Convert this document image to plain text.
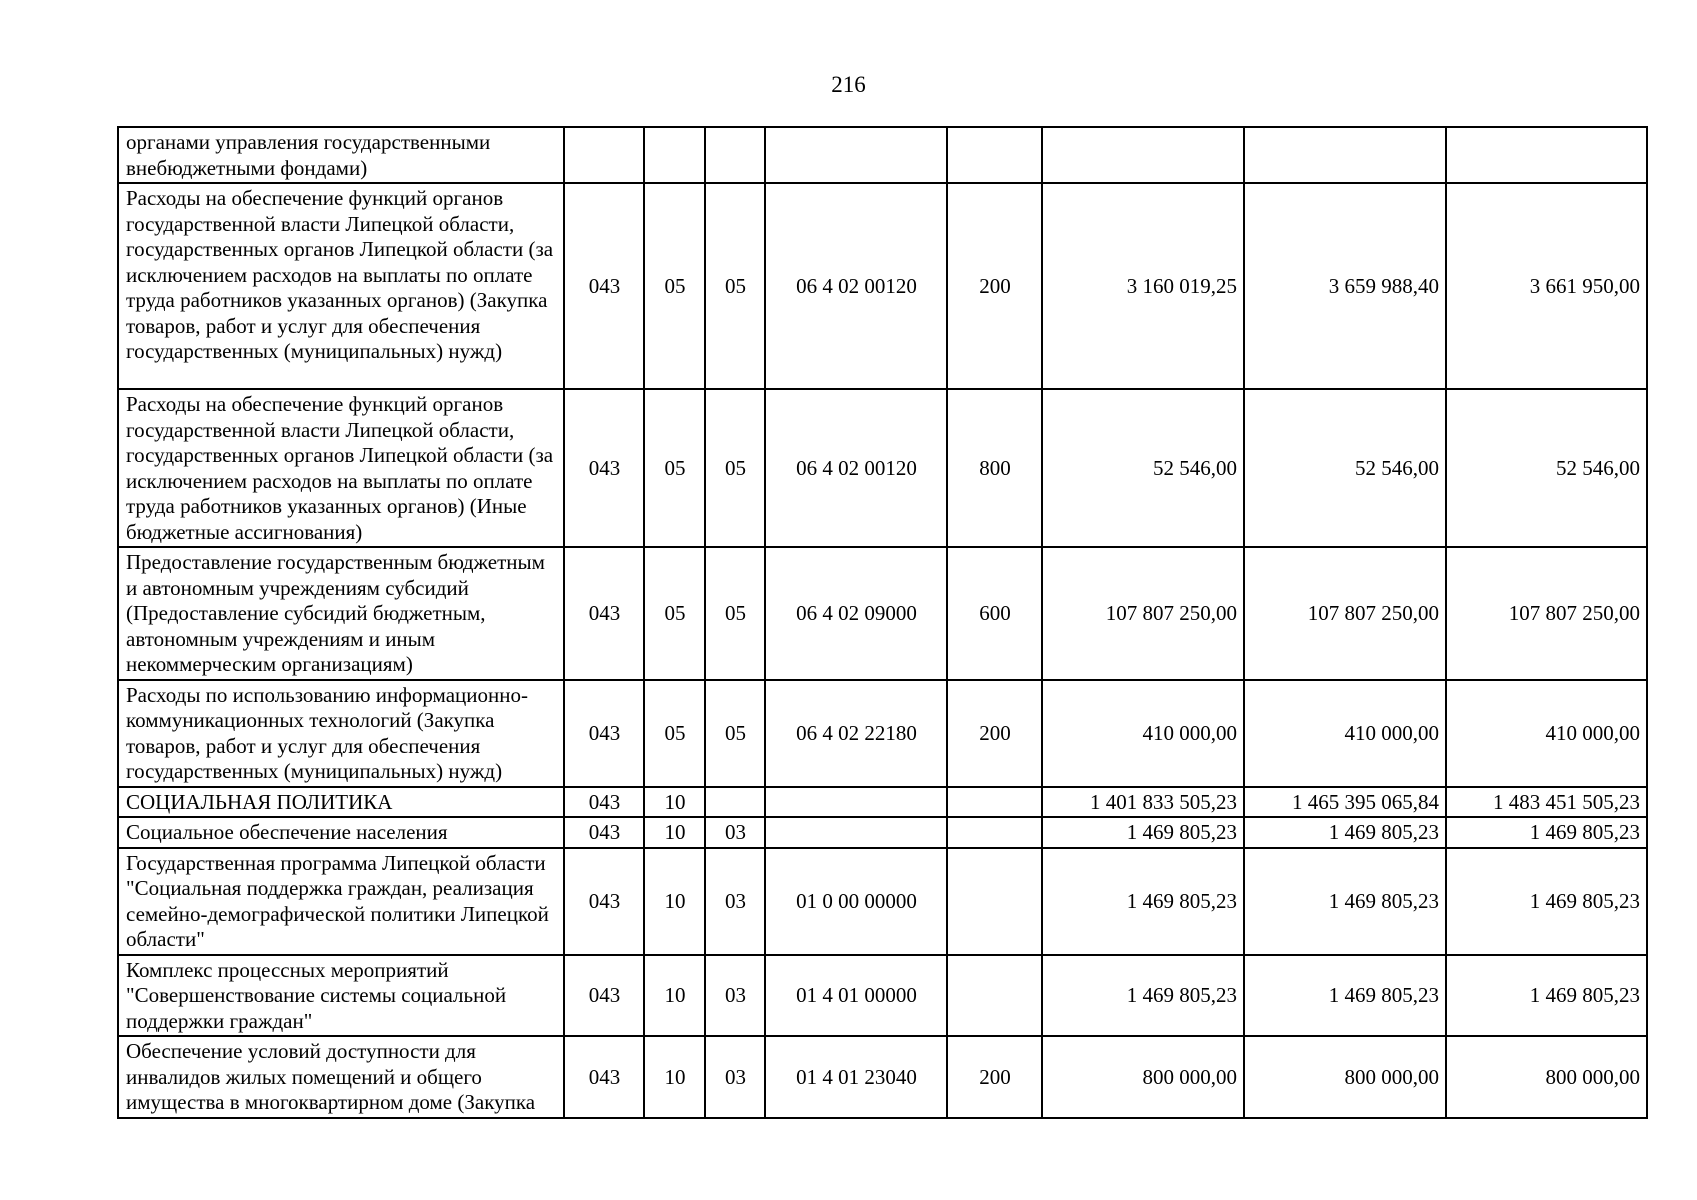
216
органами управления государственными внебюджетными фондами)								
Расходы на обеспечение функций органов государственной власти Липецкой области, государственных органов Липецкой области (за исключением расходов на выплаты по оплате труда работников указанных органов) (Закупка товаров, работ и услуг для обеспечения государственных (муниципальных) нужд)	043	05	05	06 4 02 00120	200	3 160 019,25	3 659 988,40	3 661 950,00
Расходы на обеспечение функций органов государственной власти Липецкой области, государственных органов Липецкой области (за исключением расходов на выплаты по оплате труда работников указанных органов) (Иные бюджетные ассигнования)	043	05	05	06 4 02 00120	800	52 546,00	52 546,00	52 546,00
Предоставление государственным бюджетным и автономным учреждениям субсидий (Предоставление субсидий бюджетным, автономным учреждениям и иным некоммерческим организациям)	043	05	05	06 4 02 09000	600	107 807 250,00	107 807 250,00	107 807 250,00
Расходы по использованию информационно-коммуникационных технологий (Закупка товаров, работ и услуг для обеспечения государственных (муниципальных) нужд)	043	05	05	06 4 02 22180	200	410 000,00	410 000,00	410 000,00
СОЦИАЛЬНАЯ ПОЛИТИКА	043	10				1 401 833 505,23	1 465 395 065,84	1 483 451 505,23
Социальное обеспечение населения	043	10	03			1 469 805,23	1 469 805,23	1 469 805,23
Государственная программа Липецкой области "Социальная поддержка граждан, реализация семейно-демографической политики Липецкой области"	043	10	03	01 0 00 00000		1 469 805,23	1 469 805,23	1 469 805,23
Комплекс процессных мероприятий "Совершенствование системы социальной поддержки граждан"	043	10	03	01 4 01 00000		1 469 805,23	1 469 805,23	1 469 805,23
Обеспечение условий доступности для инвалидов жилых помещений и общего имущества в многоквартирном доме (Закупка	043	10	03	01 4 01 23040	200	800 000,00	800 000,00	800 000,00
